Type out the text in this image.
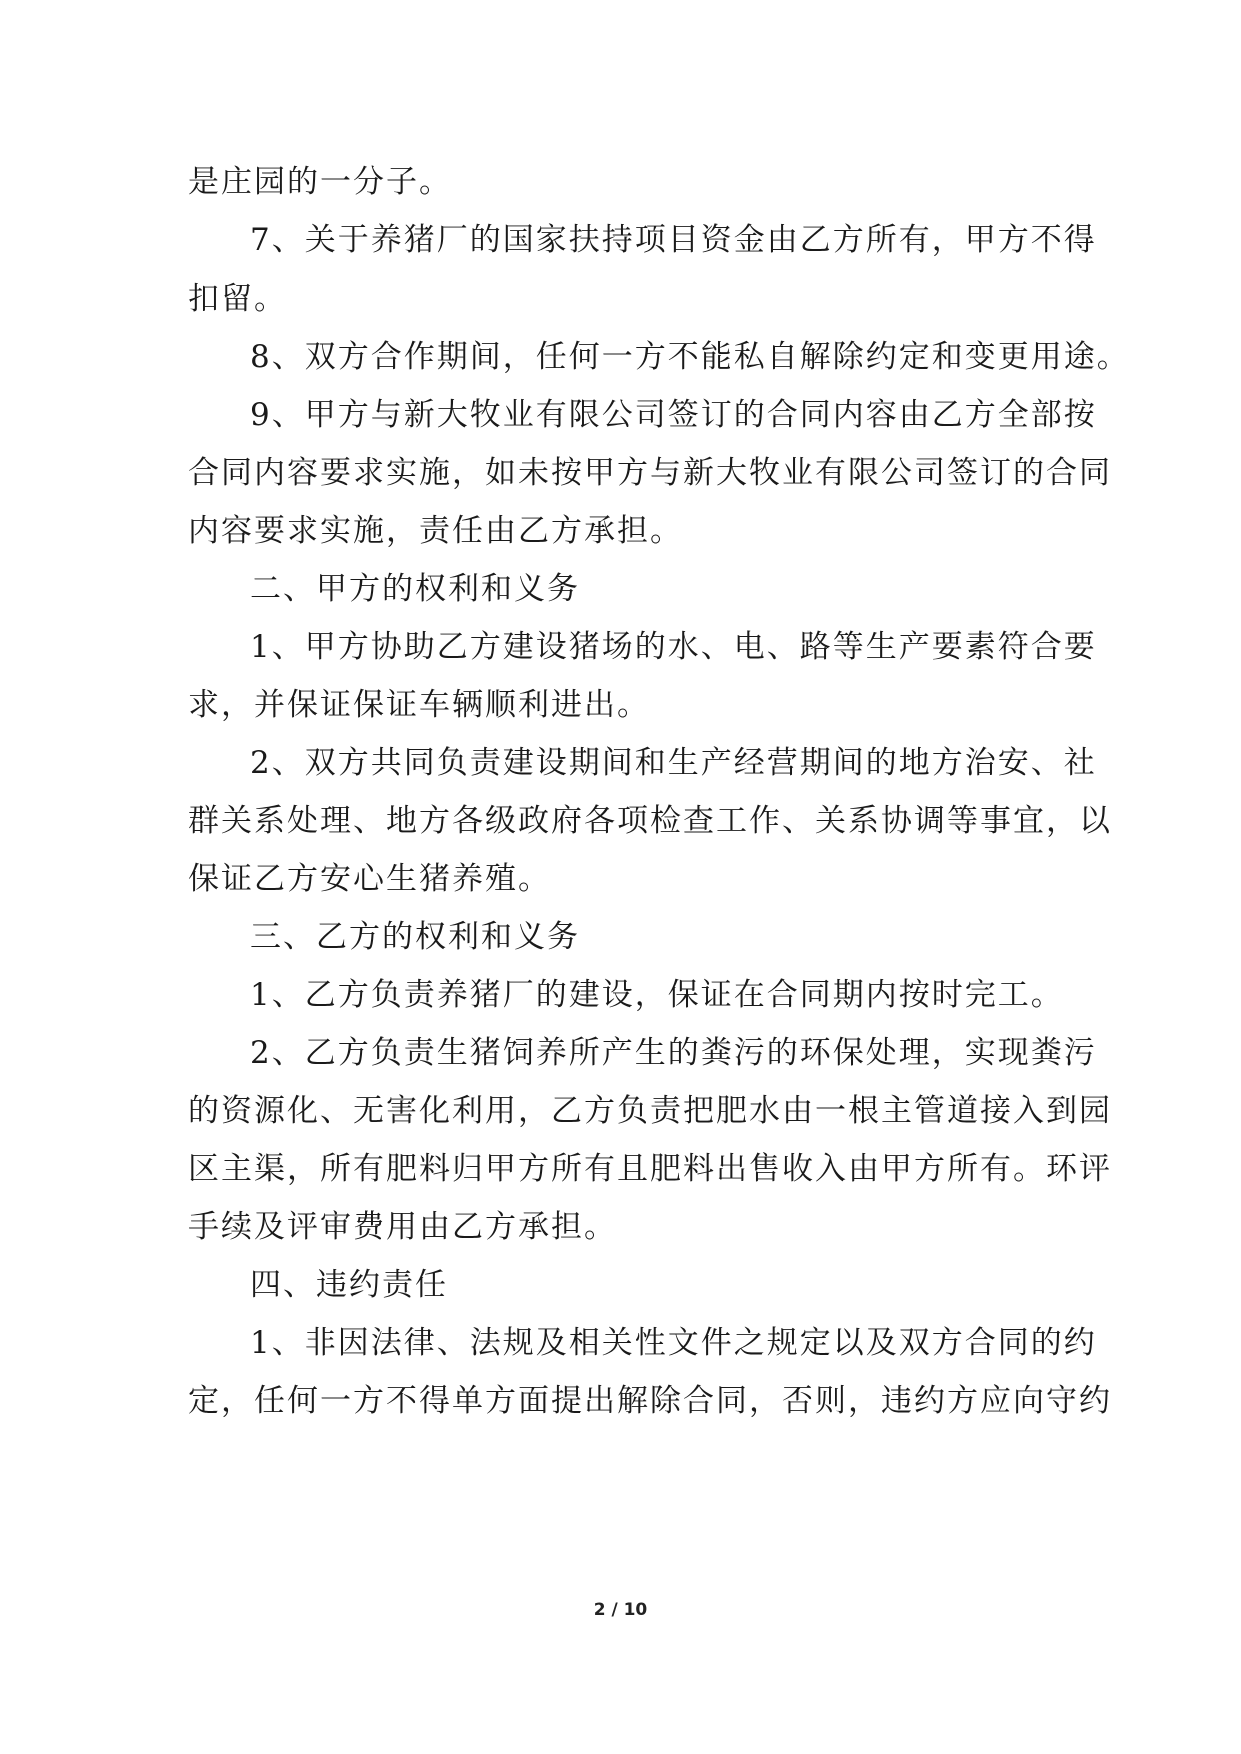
是庄园的一分子。
7、关于养猪厂的国家扶持项目资金由乙方所有，甲方不得
扣留。
8、双方合作期间，任何一方不能私自解除约定和变更用途。
9、甲方与新大牧业有限公司签订的合同内容由乙方全部按
合同内容要求实施，如未按甲方与新大牧业有限公司签订的合同
内容要求实施，责任由乙方承担。
二、甲方的权利和义务
1、甲方协助乙方建设猪场的水、电、路等生产要素符合要
求，并保证保证车辆顺利进出。
2、双方共同负责建设期间和生产经营期间的地方治安、社
群关系处理、地方各级政府各项检查工作、关系协调等事宜，以
保证乙方安心生猪养殖。
三、乙方的权利和义务
1、乙方负责养猪厂的建设，保证在合同期内按时完工。
2、乙方负责生猪饲养所产生的粪污的环保处理，实现粪污
的资源化、无害化利用，乙方负责把肥水由一根主管道接入到园
区主渠，所有肥料归甲方所有且肥料出售收入由甲方所有。环评
手续及评审费用由乙方承担。
四、违约责任
1、非因法律、法规及相关性文件之规定以及双方合同的约
定，任何一方不得单方面提出解除合同，否则，违约方应向守约
2 / 10
